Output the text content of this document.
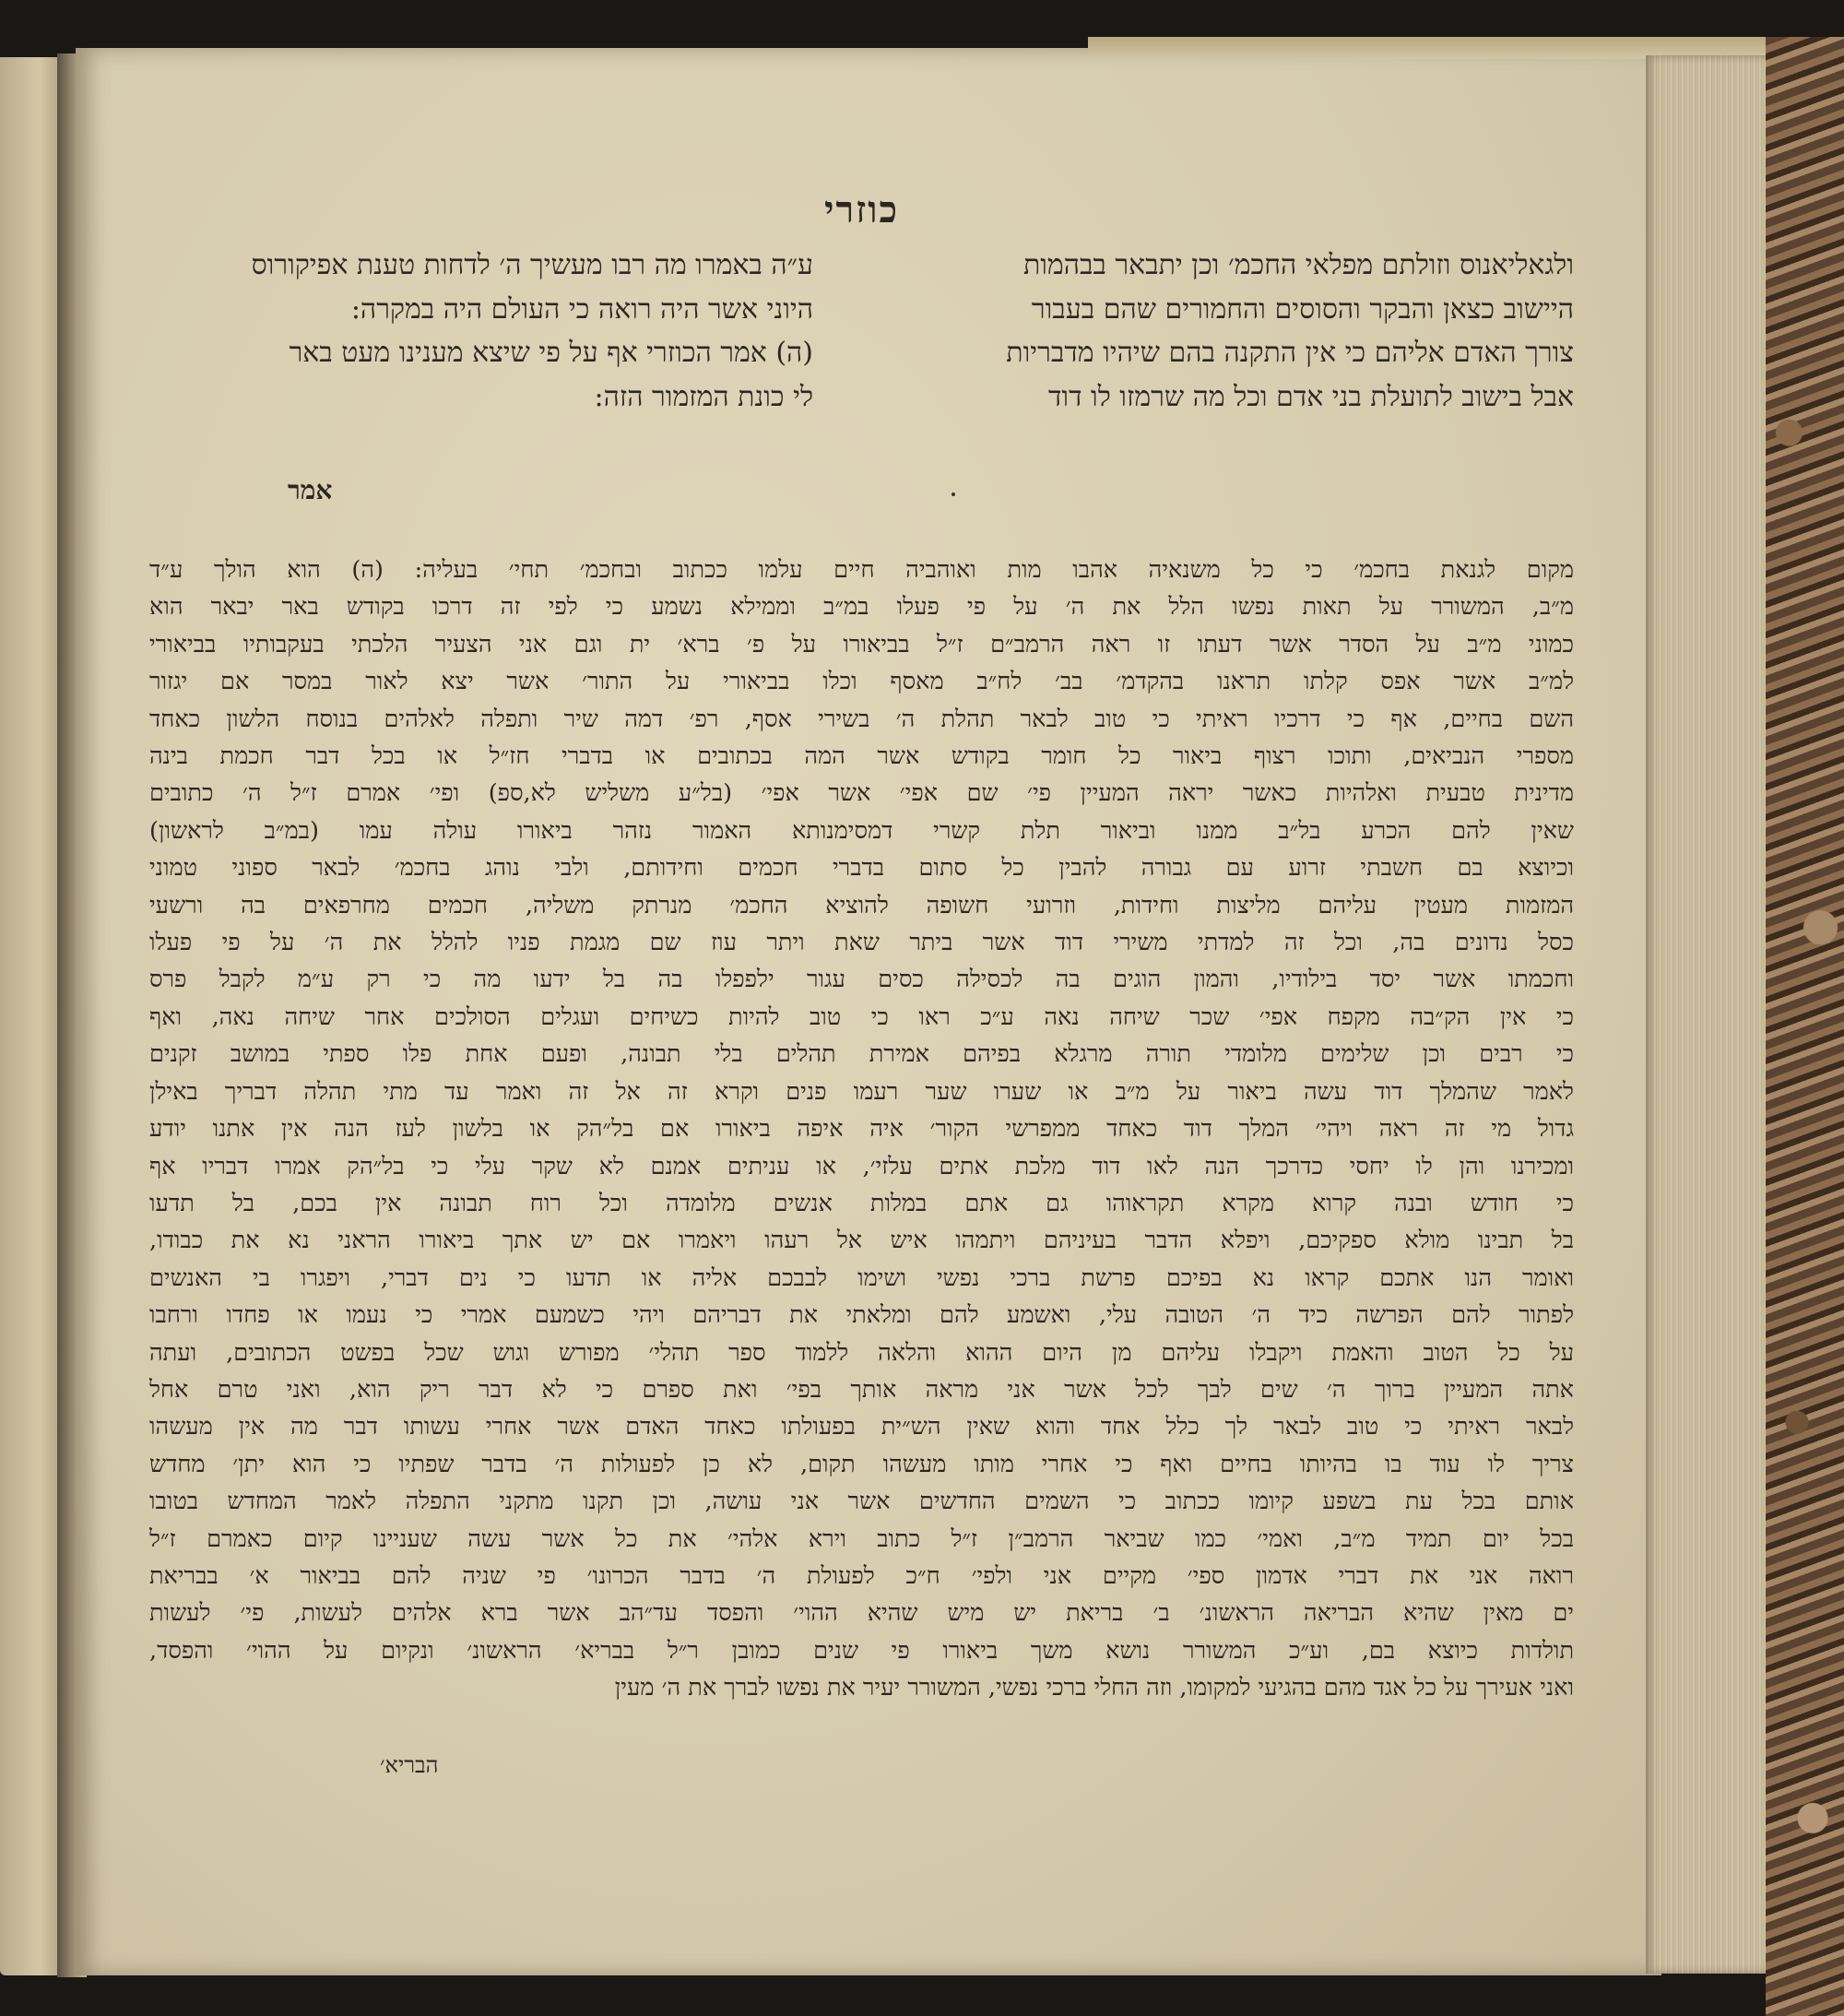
כוזרי

ולגאליאנוס וזולתם מפלאי החכמ׳ וכן יתבאר בבהמות

היישוב כצאן והבקר והסוסים והחמורים שהם בעבור

צורך האדם אליהם כי אין התקנה בהם שיהיו מדבריות

אבל בישוב לתועלת בני אדם וכל מה שרמזו לו דוד

ע״ה באמרו מה רבו מעשיך ה׳ לדחות טענת אפיקורוס

היוני אשר היה רואה כי העולם היה במקרה:

(ה) אמר הכוזרי אף על פי שיצא מענינו מעט באר

לי כונת המזמור הזה:

אמר

מקום לגנאת בחכמ׳ כי כל משנאיה אהבו מות ואוהביה חיים עלמו ככתוב ובחכמ׳ תחי׳ בעליה: (ה) הוא הולך ע״ד

מ״ב, המשורר על תאות נפשו הלל את ה׳ על פי פעלו במ״ב וממילא נשמע כי לפי זה דרכו בקודש באר יבאר הוא

כמוני מ״ב על הסדר אשר דעתו זו ראה הרמב״ם ז״ל בביאורו על פ׳ ברא׳ ית וגם אני הצעיר הלכתי בעקבותיו בביאורי

למ״ב אשר אפס קלתו תראנו בהקדמ׳ בב׳ לח״ב מאסף וכלו בביאורי על התור׳ אשר יצא לאור במסר אם יגזור

השם בחיים, אף כי דרכיו ראיתי כי טוב לבאר תהלת ה׳ בשירי אסף, רפ׳ דמה שיר ותפלה לאלהים בנוסח הלשון כאחד

מספרי הנביאים, ותוכו רצוף ביאור כל חומר בקודש אשר המה בכתובים או בדברי חז״ל או בכל דבר חכמת בינה

מדינית טבעית ואלהיות כאשר יראה המעיין פי׳ שם אפי׳ אשר אפי׳ (בל״ע משליש לא,ספ) ופי׳ אמרם ז״ל ה׳ כתובים

שאין להם הכרע בל״ב ממנו וביאור תלת קשרי דמסימנותא האמור נזהר ביאורו עולה עמו (במ״ב לראשון)

וכיוצא בם חשבתי זרוע עם גבורה להבין כל סתום בדברי חכמים וחידותם, ולבי נוהג בחכמ׳ לבאר ספוני טמוני

המזמות מעטין עליהם מליצות וחידות, וזרועי חשופה להוציא החכמ׳ מנרתק משליה, חכמים מחרפאים בה ורשעי

כסל נדונים בה, וכל זה למדתי משירי דוד אשר ביתר שאת ויתר עוז שם מגמת פניו להלל את ה׳ על פי פעלו

וחכמתו אשר יסד בילודיו, והמון הוגים בה לכסילה כסים עגור ילפפלו בה בל ידעו מה כי רק ע״מ לקבל פרס

כי אין הק״בה מקפח אפי׳ שכר שיחה נאה ע״כ ראו כי טוב להיות כשיחים ועגלים הסולכים אחר שיחה נאה, ואף

כי רבים וכן שלימים מלומדי תורה מרגלא בפיהם אמירת תהלים בלי תבונה, ופעם אחת פלו ספתי במושב זקנים

לאמר שהמלך דוד עשה ביאור על מ״ב או שערו שער רעמו פנים וקרא זה אל זה ואמר עד מתי תהלה דבריך באילן

גדול מי זה ראה ויהי׳ המלך דוד כאחד ממפרשי הקור׳ איה איפה ביאורו אם בל״הק או בלשון לעז הנה אין אתנו יודע

ומכירנו והן לו יחסי כדרכך הנה לאו דוד מלכת אתים עלזי׳, או עניתים אמנם לא שקר עלי כי בל״הק אמרו דבריו אף

כי חודש ובנה קרוא מקרא תקראוהו גם אתם במלות אנשים מלומדה וכל רוח תבונה אין בכם, בל תדעו

בל תבינו מולא ספקיכם, ויפלא הדבר בעיניהם ויתמהו איש אל רעהו ויאמרו אם יש אתך ביאורו הראני נא את כבודו,

ואומר הנו אתכם קראו נא בפיכם פרשת ברכי נפשי ושימו לבבכם אליה או תדעו כי נים דברי, ויפגרו בי האנשים

לפתור להם הפרשה כיד ה׳ הטובה עלי, ואשמע להם ומלאתי את דבריהם ויהי כשמעם אמרי כי נעמו או פחדו ורחבו

על כל הטוב והאמת ויקבלו עליהם מן היום ההוא והלאה ללמוד ספר תהלי׳ מפורש וגוש שכל בפשט הכתובים, ועתה

אתה המעיין ברוך ה׳ שים לבך לכל אשר אני מראה אותך בפי׳ ואת ספרם כי לא דבר ריק הוא, ואני טרם אחל

לבאר ראיתי כי טוב לבאר לך כלל אחד והוא שאין הש״ית בפעולתו כאחד האדם אשר אחרי עשותו דבר מה אין מעשהו

צריך לו עוד בו בהיותו בחיים ואף כי אחרי מותו מעשהו תקום, לא כן לפעולות ה׳ בדבר שפתיו כי הוא יתן׳ מחדש

אותם בכל עת בשפע קיומו ככתוב כי השמים החדשים אשר אני עושה, וכן תקנו מתקני התפלה לאמר המחדש בטובו

בכל יום תמיד מ״ב, ואמי׳ כמו שביאר הרמב״ן ז״ל כתוב וירא אלהי׳ את כל אשר עשה שעניינו קיום כאמרם ז״ל

רואה אני את דברי אדמון ספי׳ מקיים אני ולפי׳ ח״כ לפעולת ה׳ בדבר הכרונו׳ פי שניה להם בביאור א׳ בבריאת

ים מאין שהיא הבריאה הראשונ׳ ב׳ בריאת יש מיש שהיא ההוי׳ והפסד עד״הב אשר ברא אלהים לעשות, פי׳ לעשות

תולדות כיוצא בם, וע״כ המשורר נושא משך ביאורו פי שנים כמובן ר״ל בבריא׳ הראשונ׳ ונקיום על ההוי׳ והפסד,

ואני אעירך על כל אגד מהם בהגיעי למקומו, וזה החלי ברכי נפשי, המשורר יעיר את נפשו לברך את ה׳ מעין

הבריא׳
